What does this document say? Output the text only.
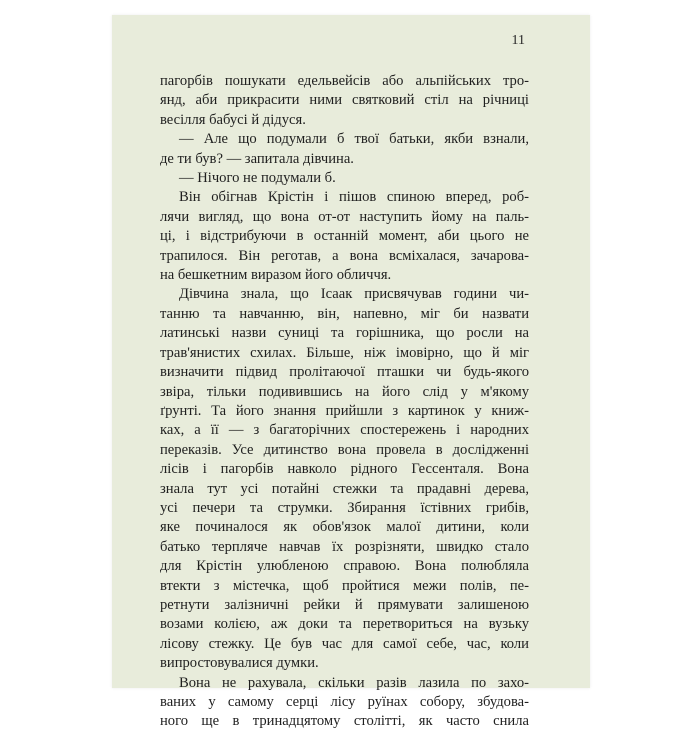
11

пагорбів пошукати едельвейсів або альпійських тро-
янд, аби прикрасити ними святковий стіл на річниці
весілля бабусі й дідуся.

— Але що подумали б твої батьки, якби взнали,
де ти був? — запитала дівчина.

— Нічого не подумали б.

Він обігнав Крістін і пішов спиною вперед, роб-
лячи вигляд, що вона от-от наступить йому на паль-
ці, і відстрибуючи в останній момент, аби цього не
трапилося. Він реготав, а вона всміхалася, зачарова-
на бешкетним виразом його обличчя.

Дівчина знала, що Ісаак присвячував години чи-
танню та навчанню, він, напевно, міг би назвати
латинські назви суниці та горішника, що росли на
трав'янистих схилах. Більше, ніж імовірно, що й міг
визначити підвид пролітаючої пташки чи будь-якого
звіра, тільки подивившись на його слід у м'якому
ґрунті. Та його знання прийшли з картинок у книж-
ках, а її — з багаторічних спостережень і народних
переказів. Усе дитинство вона провела в дослідженні
лісів і пагорбів навколо рідного Гессенталя. Вона
знала тут усі потайні стежки та прадавні дерева,
усі печери та струмки. Збирання їстівних грибів,
яке починалося як обов'язок малої дитини, коли
батько терпляче навчав їх розрізняти, швидко стало
для Крістін улюбленою справою. Вона полюбляла
втекти з містечка, щоб пройтися межи полів, пе-
ретнути залізничні рейки й прямувати залишеною
возами колією, аж доки та перетвориться на вузьку
лісову стежку. Це був час для самої себе, час, коли
випростовувалися думки.

Вона не рахувала, скільки разів лазила по захо-
ваних у самому серці лісу руїнах собору, збудова-
ного ще в тринадцятому столітті, як часто снила
